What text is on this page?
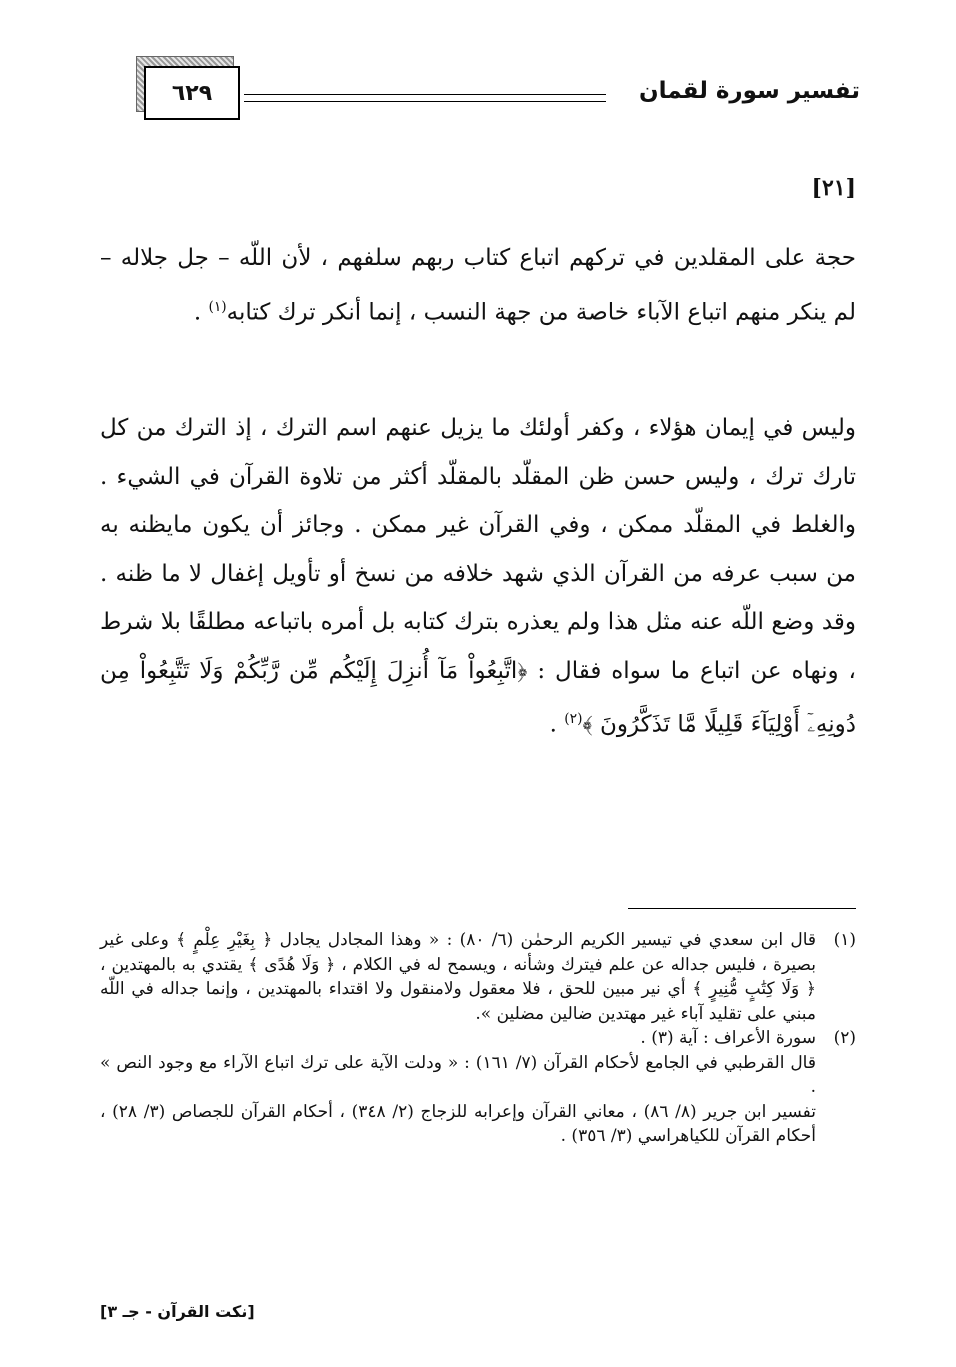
تفسير سورة لقمان
٦٢٩
[٢١]

حجة على المقلدين في تركهم اتباع كتاب ربهم سلفهم ، لأن اللّه – جل جلاله – لم ينكر منهم اتباع الآباء خاصة من جهة النسب ، إنما أنكر ترك كتابه$^{(١)}$ .

وليس في إيمان هؤلاء ، وكفر أولئك ما يزيل عنهم اسم الترك ، إذ الترك من كل تارك ترك ، وليس حسن ظن المقلّد بالمقلّد أكثر من تلاوة القرآن في الشيء . والغلط في المقلّد ممكن ، وفي القرآن غير ممكن . وجائز أن يكون مايظنه به من سبب عرفه من القرآن الذي شهد خلافه من نسخ أو تأويل إغفال لا ما ظنه . وقد وضع اللّه عنه مثل هذا ولم يعذره بترك كتابه بل أمره باتباعه مطلقًا بلا شرط ، ونهاه عن اتباع ما سواه فقال : ﴿اتَّبِعُواْ مَآ أُنزِلَ إِلَيْكُم مِّن رَّبِّكُمْ وَلَا تَتَّبِعُواْ مِن دُونِهِۦٓ أَوْلِيَآءَ قَلِيلًا مَّا تَذَكَّرُونَ ﴾$^{(٢)}$ .

(١)

قال ابن سعدي في تيسير الكريم الرحمٰن (٦/ ٨٠) : « وهذا المجادل يجادل ﴿ بِغَيْرِ عِلْمٍ ﴾ وعلى غير بصيرة ، فليس جداله عن علم فيترك وشأنه ، ويسمح له في الكلام ، ﴿ وَلَا هُدًى ﴾ يقتدي به بالمهتدين ، ﴿ وَلَا كِتَٰبٍ مُّنِيرٍ ﴾ أي نير مبين للحق ، فلا معقول ولامنقول ولا اقتداء بالمهتدين ، وإنما جداله في اللّه مبني على تقليد آباء غير مهتدين ضالين مضلين ».

(٢)

سورة الأعراف : آية (٣) .

قال القرطبي في الجامع لأحكام القرآن (٧/ ١٦١) : « ودلت الآية على ترك اتباع الآراء مع وجود النص » .

تفسير ابن جرير (٨/ ٨٦) ، معاني القرآن وإعرابه للزجاج (٢/ ٣٤٨) ، أحكام القرآن للجصاص (٣/ ٢٨) ، أحكام القرآن للكياهراسي (٣/ ٣٥٦) .

[نكت القرآن - جـ ٣]
